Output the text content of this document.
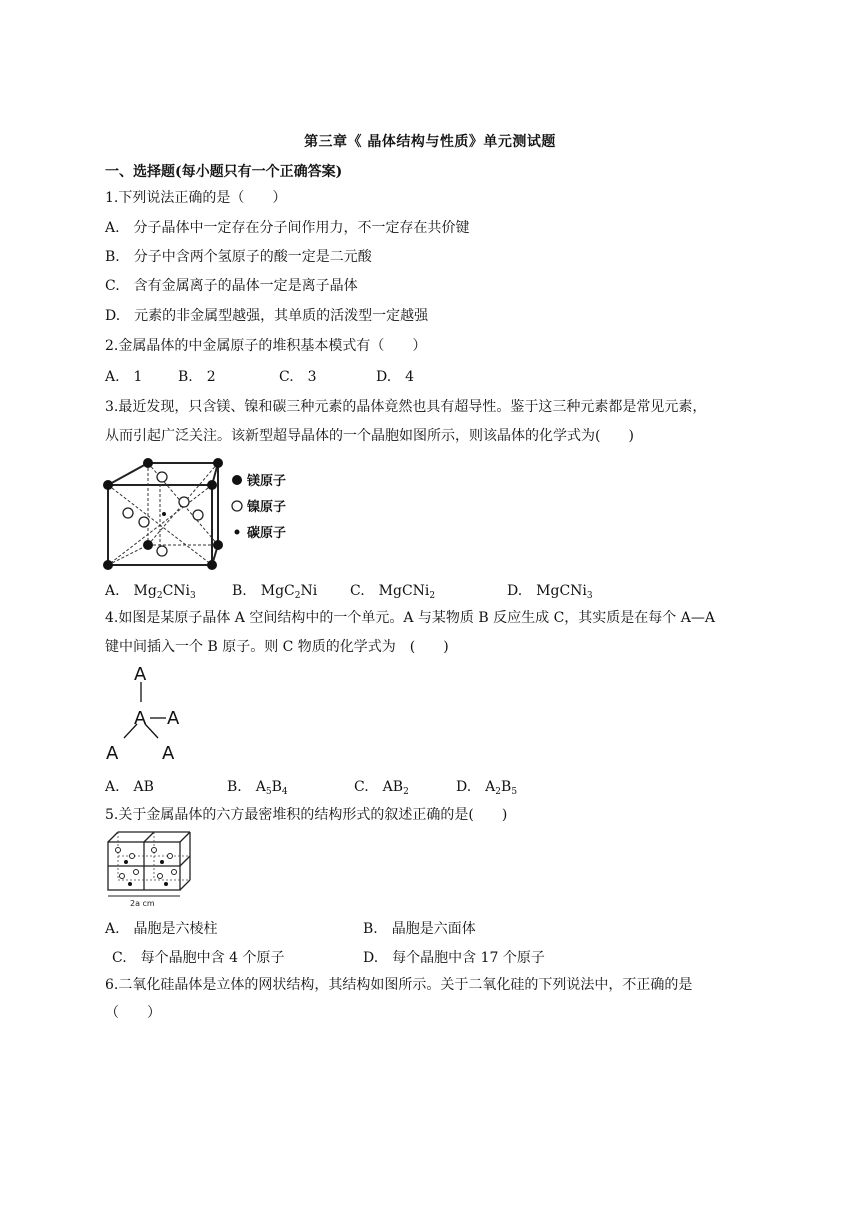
第三章《 晶体结构与性质》单元测试题
一、选择题(每小题只有一个正确答案)
1.下列说法正确的是（　　）
A.　分子晶体中一定存在分子间作用力，不一定存在共价键
B.　分子中含两个氢原子的酸一定是二元酸
C.　含有金属离子的晶体一定是离子晶体
D.　元素的非金属型越强，其单质的活泼型一定越强
2.金属晶体的中金属原子的堆积基本模式有（　　）
A.　1	B.　2	C.　3	D.　4
3.最近发现，只含镁、镍和碳三种元素的晶体竟然也具有超导性。鉴于这三种元素都是常见元素，
从而引起广泛关注。该新型超导晶体的一个晶胞如图所示，则该晶体的化学式为(　　)
镁原子
镍原子
碳原子
A.　$Mg_2CNi_3$	B.　MgC$_2$Ni C.　MgCNi$_2$	D.　MgCNi$_3$
4.如图是某原子晶体 A 空间结构中的一个单元。A 与某物质 B 反应生成 C，其实质是在每个 A—A
键中间插入一个 B 原子。则 C 物质的化学式为　(　　)
A
A A
A A
A.　AB	B.　$A_5B_4$	C.　$AB_2$	D.　$A_2B_5$
5.关于金属晶体的六方最密堆积的结构形式的叙述正确的是(　　)
2a cm
A.　晶胞是六棱柱	B.　晶胞是六面体
C.　每个晶胞中含 4 个原子	D.　每个晶胞中含 17 个原子
6.二氧化硅晶体是立体的网状结构，其结构如图所示。关于二氧化硅的下列说法中，不正确的是
（　　）
